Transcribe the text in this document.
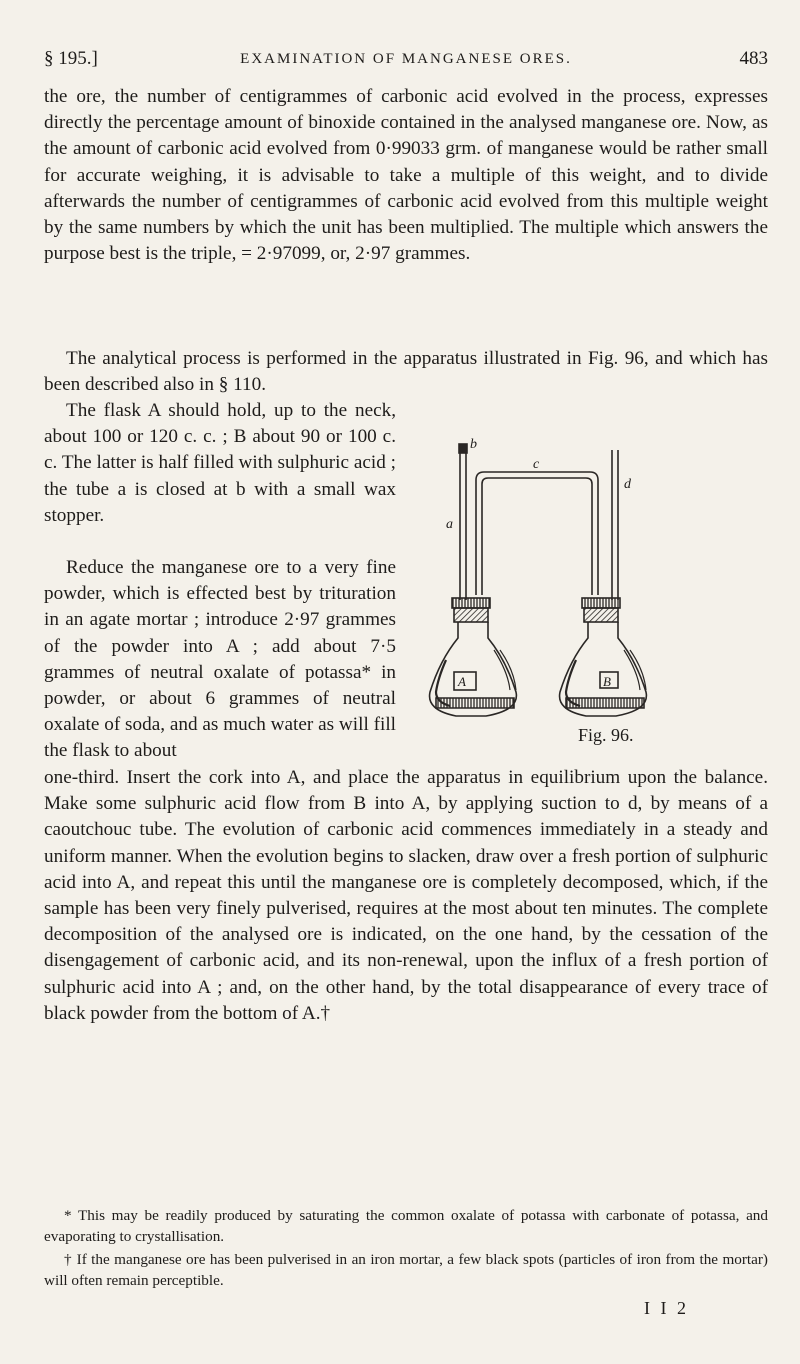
§ 195.]	EXAMINATION OF MANGANESE ORES.	483
the ore, the number of centigrammes of carbonic acid evolved in the process, expresses directly the percentage amount of binoxide contained in the analysed manganese ore. Now, as the amount of carbonic acid evolved from 0·99033 grm. of manganese would be rather small for accurate weighing, it is advisable to take a multiple of this weight, and to divide afterwards the number of centigrammes of carbonic acid evolved from this multiple weight by the same numbers by which the unit has been multiplied. The multiple which answers the purpose best is the triple, = 2·97099, or, 2·97 grammes.
The analytical process is performed in the apparatus illustrated in Fig. 96, and which has been described also in § 110.
The flask A should hold, up to the neck, about 100 or 120 c. c. ; B about 90 or 100 c. c. The latter is half filled with sulphuric acid ; the tube a is closed at b with a small wax stopper.
Reduce the manganese ore to a very fine powder, which is effected best by trituration in an agate mortar ; introduce 2·97 grammes of the powder into A ; add about 7·5 grammes of neutral oxalate of potassa* in powder, or about 6 grammes of neutral oxalate of soda, and as much water as will fill the flask to about
one-third. Insert the cork into A, and place the apparatus in equilibrium upon the balance. Make some sulphuric acid flow from B into A, by applying suction to d, by means of a caoutchouc tube. The evolution of carbonic acid commences immediately in a steady and uniform manner. When the evolution begins to slacken, draw over a fresh portion of sulphuric acid into A, and repeat this until the manganese ore is completely decomposed, which, if the sample has been very finely pulverised, requires at the most about ten minutes. The complete decomposition of the analysed ore is indicated, on the one hand, by the cessation of the disengagement of carbonic acid, and its non-renewal, upon the influx of a fresh portion of sulphuric acid into A ; and, on the other hand, by the total disappearance of every trace of black powder from the bottom of A.†
b
c
d
a
A	B
Fig. 96.

* This may be readily produced by saturating the common oxalate of potassa with carbonate of potassa, and evaporating to crystallisation.

† If the manganese ore has been pulverised in an iron mortar, a few black spots (particles of iron from the mortar) will often remain perceptible.

I I 2
